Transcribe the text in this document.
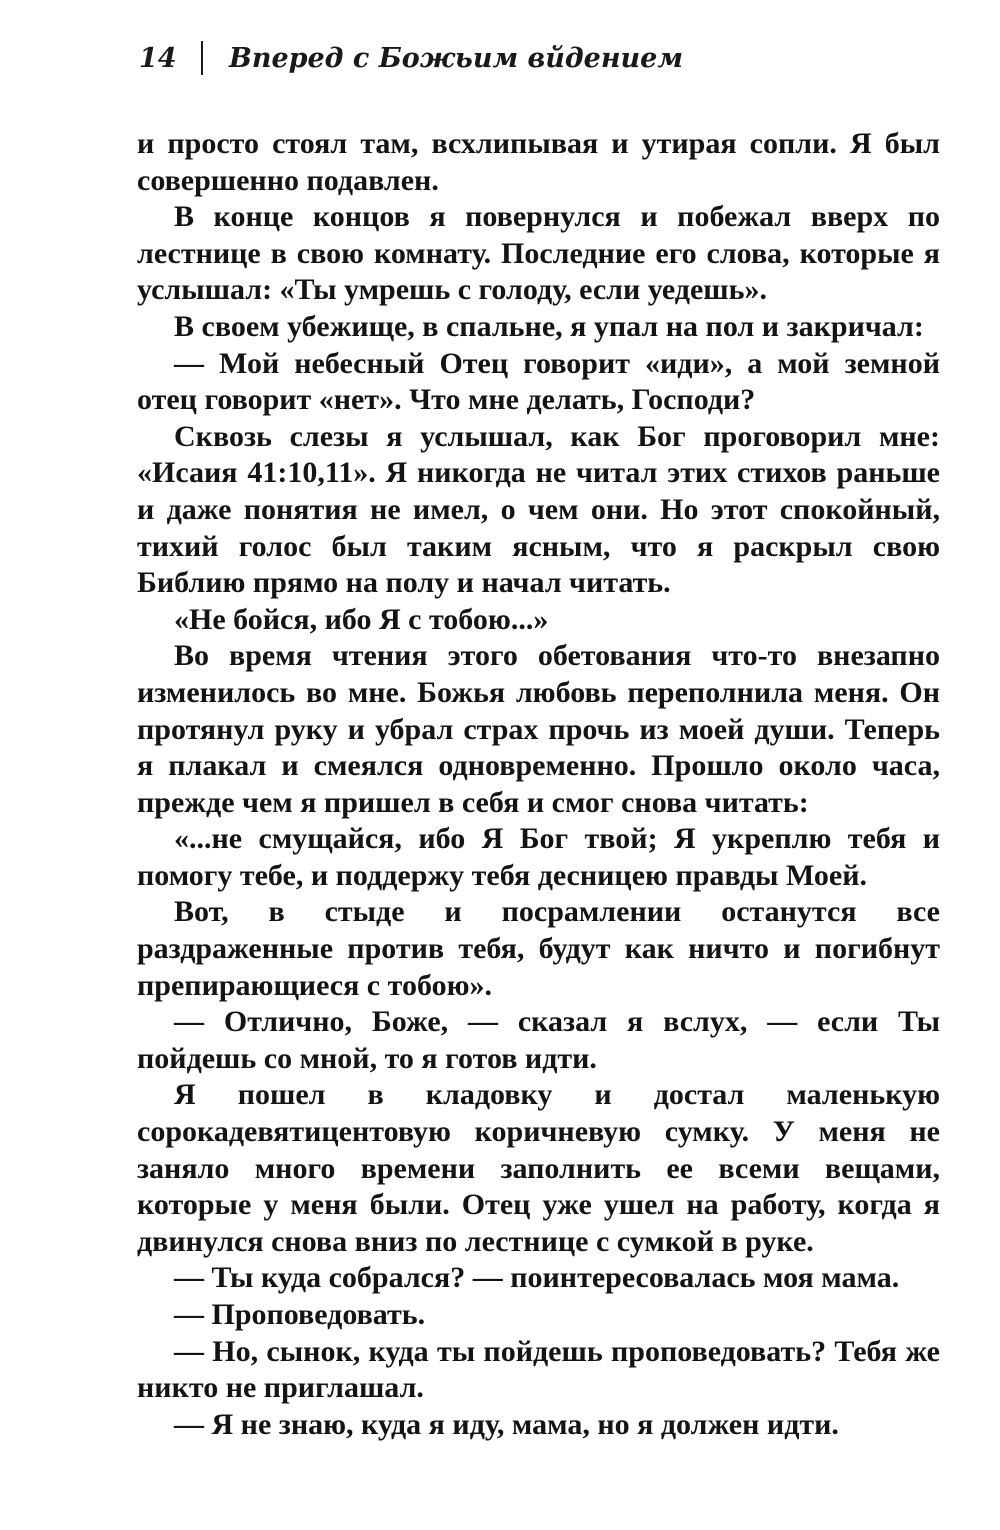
14 Вперед с Божьим вйдением

и просто стоял там, всхлипывая и утирая сопли. Я был совершенно подавлен.

В конце концов я повернулся и побежал вверх по лестнице в свою комнату. Последние его слова, которые я услышал: «Ты умрешь с голоду, если уедешь».

В своем убежище, в спальне, я упал на пол и закричал:

— Мой небесный Отец говорит «иди», а мой земной отец говорит «нет». Что мне делать, Господи?

Сквозь слезы я услышал, как Бог проговорил мне: «Исаия 41:10,11». Я никогда не читал этих стихов раньше и даже понятия не имел, о чем они. Но этот спокойный, тихий голос был таким ясным, что я раскрыл свою Библию прямо на полу и начал читать.

«Не бойся, ибо Я с тобою...»

Во время чтения этого обетования что-то внезапно изменилось во мне. Божья любовь переполнила меня. Он протянул руку и убрал страх прочь из моей души. Теперь я плакал и смеялся одновременно. Прошло около часа, прежде чем я пришел в себя и смог снова читать:

«...не смущайся, ибо Я Бог твой; Я укреплю тебя и помогу тебе, и поддержу тебя десницею правды Моей.

Вот, в стыде и посрамлении останутся все раздраженные против тебя, будут как ничто и погибнут препирающиеся с тобою».

— Отлично, Боже, — сказал я вслух, — если Ты пойдешь со мной, то я готов идти.

Я пошел в кладовку и достал маленькую сорокадевятицентовую коричневую сумку. У меня не заняло много времени заполнить ее всеми вещами, которые у меня были. Отец уже ушел на работу, когда я двинулся снова вниз по лестнице с сумкой в руке.

— Ты куда собрался? — поинтересовалась моя мама.

— Проповедовать.

— Но, сынок, куда ты пойдешь проповедовать? Тебя же никто не приглашал.

— Я не знаю, куда я иду, мама, но я должен идти.
